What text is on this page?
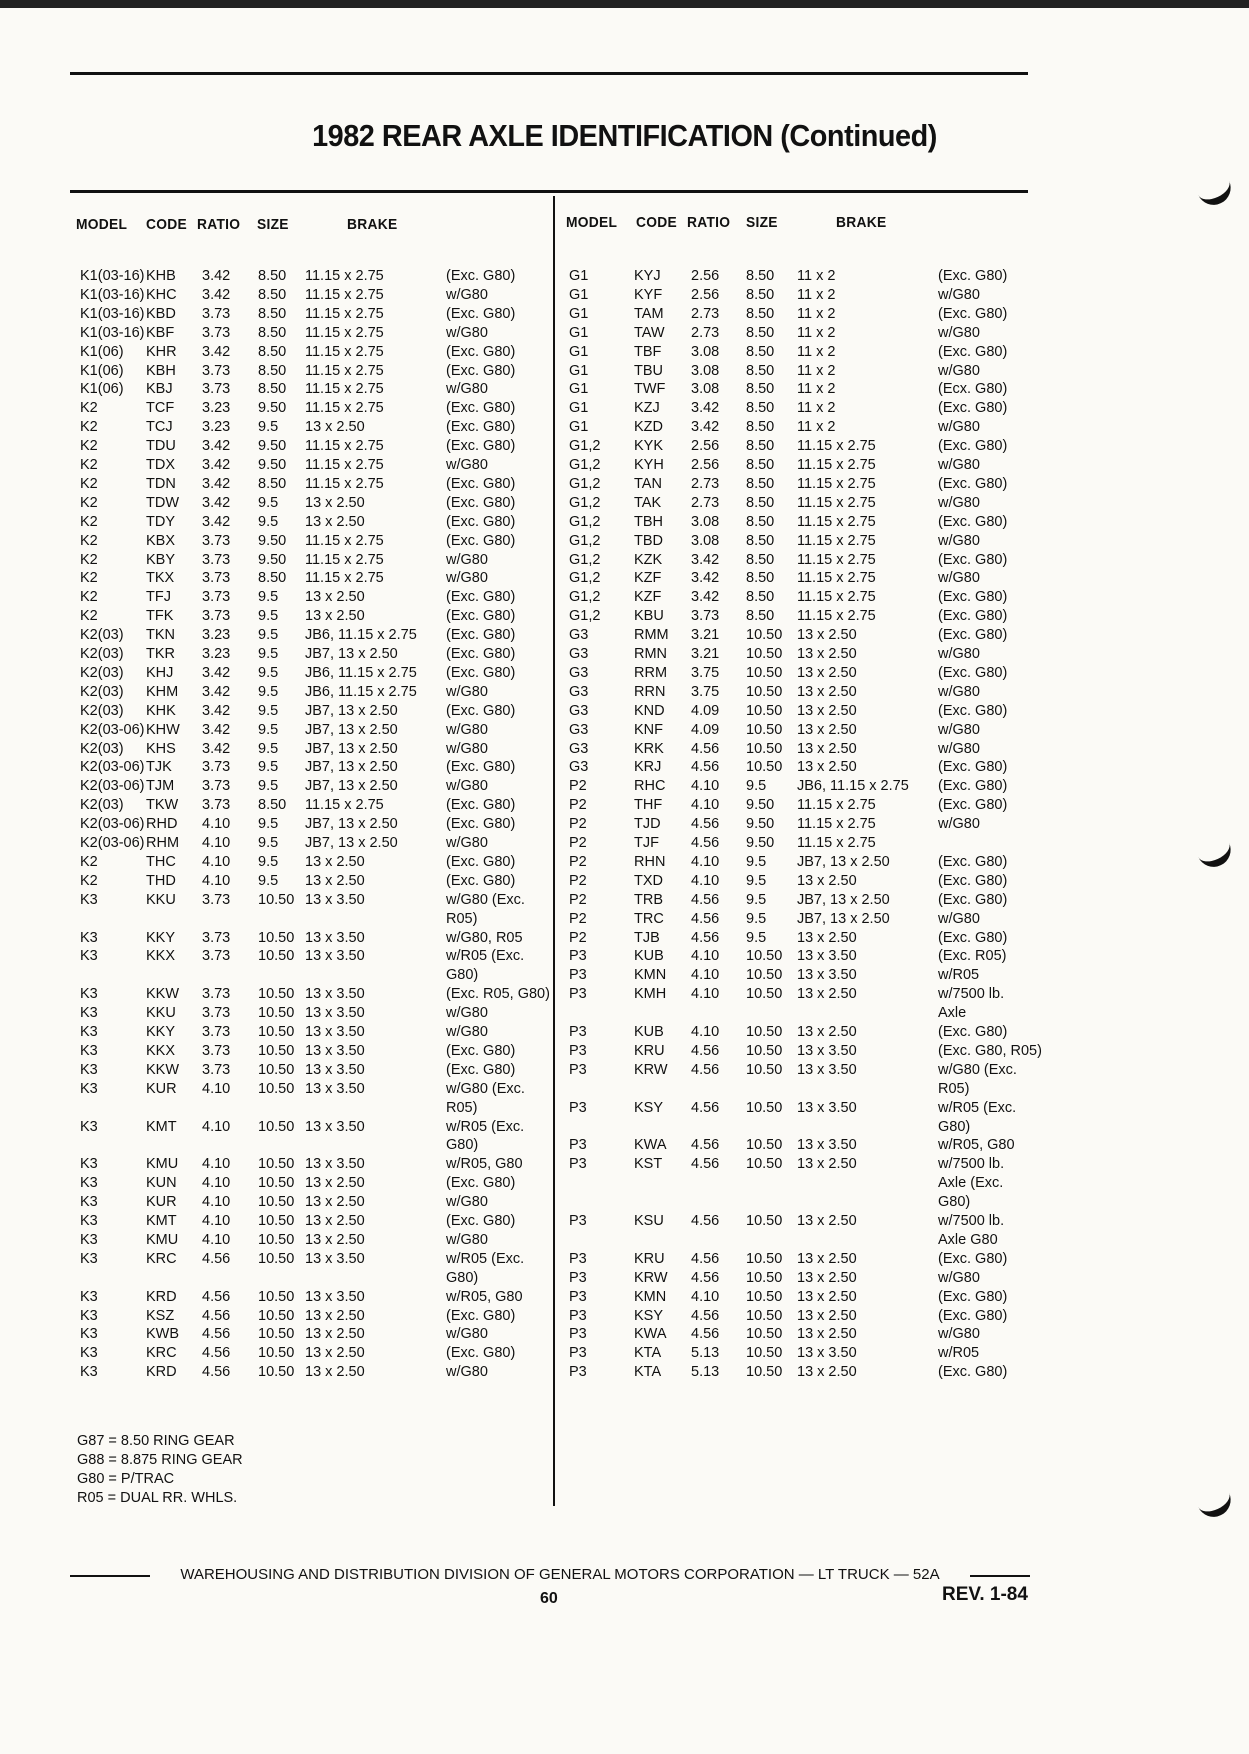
1982 REAR AXLE IDENTIFICATION (Continued)
MODEL CODE RATIO SIZE	BRAKE	MODEL CODE RATIO SIZE	BRAKE
K1(03-16) KHB 3.42 8.50 11.15 x 2.75	(Exc. G80)
K1(03-16) KHC 3.42 8.50 11.15 x 2.75	w/G80
K1(03-16) KBD 3.73 8.50 11.15 x 2.75	(Exc. G80)
K1(03-16) KBF 3.73 8.50 11.15 x 2.75	w/G80
K1(06) KHR 3.42 8.50 11.15 x 2.75	(Exc. G80)
K1(06) KBH 3.73 8.50 11.15 x 2.75	(Exc. G80)
K1(06) KBJ 3.73 8.50 11.15 x 2.75	w/G80
K2	TCF 3.23 9.50 11.15 x 2.75	(Exc. G80)
K2	TCJ 3.23 9.5 13 x 2.50	(Exc. G80)
K2	TDU 3.42 9.50 11.15 x 2.75	(Exc. G80)
K2	TDX 3.42 9.50 11.15 x 2.75	w/G80
K2	TDN 3.42 8.50 11.15 x 2.75	(Exc. G80)
K2	TDW 3.42 9.5 13 x 2.50	(Exc. G80)
K2	TDY 3.42 9.5 13 x 2.50	(Exc. G80)
K2	KBX 3.73 9.50 11.15 x 2.75	(Exc. G80)
K2	KBY 3.73 9.50 11.15 x 2.75	w/G80
K2	TKX 3.73 8.50 11.15 x 2.75	w/G80
K2	TFJ 3.73 9.5 13 x 2.50	(Exc. G80)
K2	TFK 3.73 9.5 13 x 2.50	(Exc. G80)
K2(03) TKN 3.23 9.5 JB6, 11.15 x 2.75 (Exc. G80)
K2(03) TKR 3.23 9.5 JB7, 13 x 2.50	(Exc. G80)
K2(03) KHJ 3.42 9.5 JB6, 11.15 x 2.75 (Exc. G80)
K2(03) KHM 3.42 9.5 JB6, 11.15 x 2.75 w/G80
K2(03) KHK 3.42 9.5 JB7, 13 x 2.50	(Exc. G80)
K2(03-06) KHW 3.42 9.5 JB7, 13 x 2.50	w/G80
K2(03) KHS 3.42 9.5 JB7, 13 x 2.50	w/G80
K2(03-06) TJK 3.73 9.5 JB7, 13 x 2.50	(Exc. G80)
K2(03-06) TJM 3.73 9.5 JB7, 13 x 2.50	w/G80
K2(03) TKW 3.73 8.50 11.15 x 2.75	(Exc. G80)
K2(03-06) RHD 4.10 9.5 JB7, 13 x 2.50	(Exc. G80)
K2(03-06) RHM 4.10 9.5 JB7, 13 x 2.50	w/G80
K2	THC 4.10 9.5 13 x 2.50	(Exc. G80)
K2	THD 4.10 9.5 13 x 2.50	(Exc. G80)
K3	KKU 3.73 10.50 13 x 3.50	w/G80 (Exc.
R05)
K3	KKY 3.73 10.50 13 x 3.50	w/G80, R05
K3	KKX 3.73 10.50 13 x 3.50	w/R05 (Exc.
G80)
K3	KKW 3.73 10.50 13 x 3.50	(Exc. R05, G80)
K3	KKU 3.73 10.50 13 x 3.50	w/G80
K3	KKY 3.73 10.50 13 x 3.50	w/G80
K3	KKX 3.73 10.50 13 x 3.50	(Exc. G80)
K3	KKW 3.73 10.50 13 x 3.50	(Exc. G80)
K3	KUR 4.10 10.50 13 x 3.50	w/G80 (Exc.
R05)
K3	KMT 4.10 10.50 13 x 3.50	w/R05 (Exc.
G80)
K3	KMU 4.10 10.50 13 x 3.50	w/R05, G80
K3	KUN 4.10 10.50 13 x 2.50	(Exc. G80)
K3	KUR 4.10 10.50 13 x 2.50	w/G80
K3	KMT 4.10 10.50 13 x 2.50	(Exc. G80)
K3	KMU 4.10 10.50 13 x 2.50	w/G80
K3	KRC 4.56 10.50 13 x 3.50	w/R05 (Exc.
G80)
K3	KRD 4.56 10.50 13 x 3.50	w/R05, G80
K3	KSZ 4.56 10.50 13 x 2.50	(Exc. G80)
K3	KWB 4.56 10.50 13 x 2.50	w/G80
K3	KRC 4.56 10.50 13 x 2.50	(Exc. G80)
K3	KRD 4.56 10.50 13 x 2.50	w/G80
G1	KYJ 2.56 8.50 11 x 2	(Exc. G80)
G1	KYF 2.56 8.50 11 x 2	w/G80
G1	TAM 2.73 8.50 11 x 2	(Exc. G80)
G1	TAW 2.73 8.50 11 x 2	w/G80
G1	TBF 3.08 8.50 11 x 2	(Exc. G80)
G1	TBU 3.08 8.50 11 x 2	w/G80
G1	TWF 3.08 8.50 11 x 2	(Ecx. G80)
G1	KZJ 3.42 8.50 11 x 2	(Exc. G80)
G1	KZD 3.42 8.50 11 x 2	w/G80
G1,2 KYK 2.56 8.50 11.15 x 2.75	(Exc. G80)
G1,2 KYH 2.56 8.50 11.15 x 2.75	w/G80
G1,2 TAN 2.73 8.50 11.15 x 2.75	(Exc. G80)
G1,2 TAK 2.73 8.50 11.15 x 2.75	w/G80
G1,2 TBH 3.08 8.50 11.15 x 2.75	(Exc. G80)
G1,2 TBD 3.08 8.50 11.15 x 2.75	w/G80
G1,2 KZK 3.42 8.50 11.15 x 2.75	(Exc. G80)
G1,2 KZF 3.42 8.50 11.15 x 2.75	w/G80
G1,2 KZF 3.42 8.50 11.15 x 2.75	(Exc. G80)
G1,2 KBU 3.73 8.50 11.15 x 2.75	(Exc. G80)
G3	RMM 3.21 10.50 13 x 2.50	(Exc. G80)
G3	RMN 3.21 10.50 13 x 2.50	w/G80
G3	RRM 3.75 10.50 13 x 2.50	(Exc. G80)
G3	RRN 3.75 10.50 13 x 2.50	w/G80
G3	KND 4.09 10.50 13 x 2.50	(Exc. G80)
G3	KNF 4.09 10.50 13 x 2.50	w/G80
G3	KRK 4.56 10.50 13 x 2.50	w/G80
G3	KRJ 4.56 10.50 13 x 2.50	(Exc. G80)
P2	RHC 4.10 9.5 JB6, 11.15 x 2.75 (Exc. G80)
P2	THF 4.10 9.50 11.15 x 2.75	(Exc. G80)
P2	TJD 4.56 9.50 11.15 x 2.75	w/G80
P2	TJF 4.56 9.50 11.15 x 2.75
P2	RHN 4.10 9.5 JB7, 13 x 2.50	(Exc. G80)
P2	TXD 4.10 9.5 13 x 2.50	(Exc. G80)
P2	TRB 4.56 9.5 JB7, 13 x 2.50	(Exc. G80)
P2	TRC 4.56 9.5 JB7, 13 x 2.50	w/G80
P2	TJB 4.56 9.5 13 x 2.50	(Exc. G80)
P3	KUB 4.10 10.50 13 x 3.50	(Exc. R05)
P3	KMN 4.10 10.50 13 x 3.50	w/R05
P3	KMH 4.10 10.50 13 x 2.50	w/7500 lb.
Axle
P3	KUB 4.10 10.50 13 x 2.50	(Exc. G80)
P3	KRU 4.56 10.50 13 x 3.50	(Exc. G80, R05)
P3	KRW 4.56 10.50 13 x 3.50	w/G80 (Exc.
R05)
P3	KSY 4.56 10.50 13 x 3.50	w/R05 (Exc.
G80)
P3	KWA 4.56 10.50 13 x 3.50	w/R05, G80
P3	KST 4.56 10.50 13 x 2.50	w/7500 lb.
Axle (Exc.
G80)
P3	KSU 4.56 10.50 13 x 2.50	w/7500 lb.
Axle G80
P3	KRU 4.56 10.50 13 x 2.50	(Exc. G80)
P3	KRW 4.56 10.50 13 x 2.50	w/G80
P3	KMN 4.10 10.50 13 x 2.50	(Exc. G80)
P3	KSY 4.56 10.50 13 x 2.50	(Exc. G80)
P3	KWA 4.56 10.50 13 x 2.50	w/G80
P3	KTA 5.13 10.50 13 x 3.50	w/R05
P3	KTA 5.13 10.50 13 x 2.50	(Exc. G80)
G87 = 8.50 RING GEAR
G88 = 8.875 RING GEAR
G80 = P/TRAC
R05 = DUAL RR. WHLS.
WAREHOUSING AND DISTRIBUTION DIVISION OF GENERAL MOTORS CORPORATION — LT TRUCK — 52A
60	REV. 1-84
